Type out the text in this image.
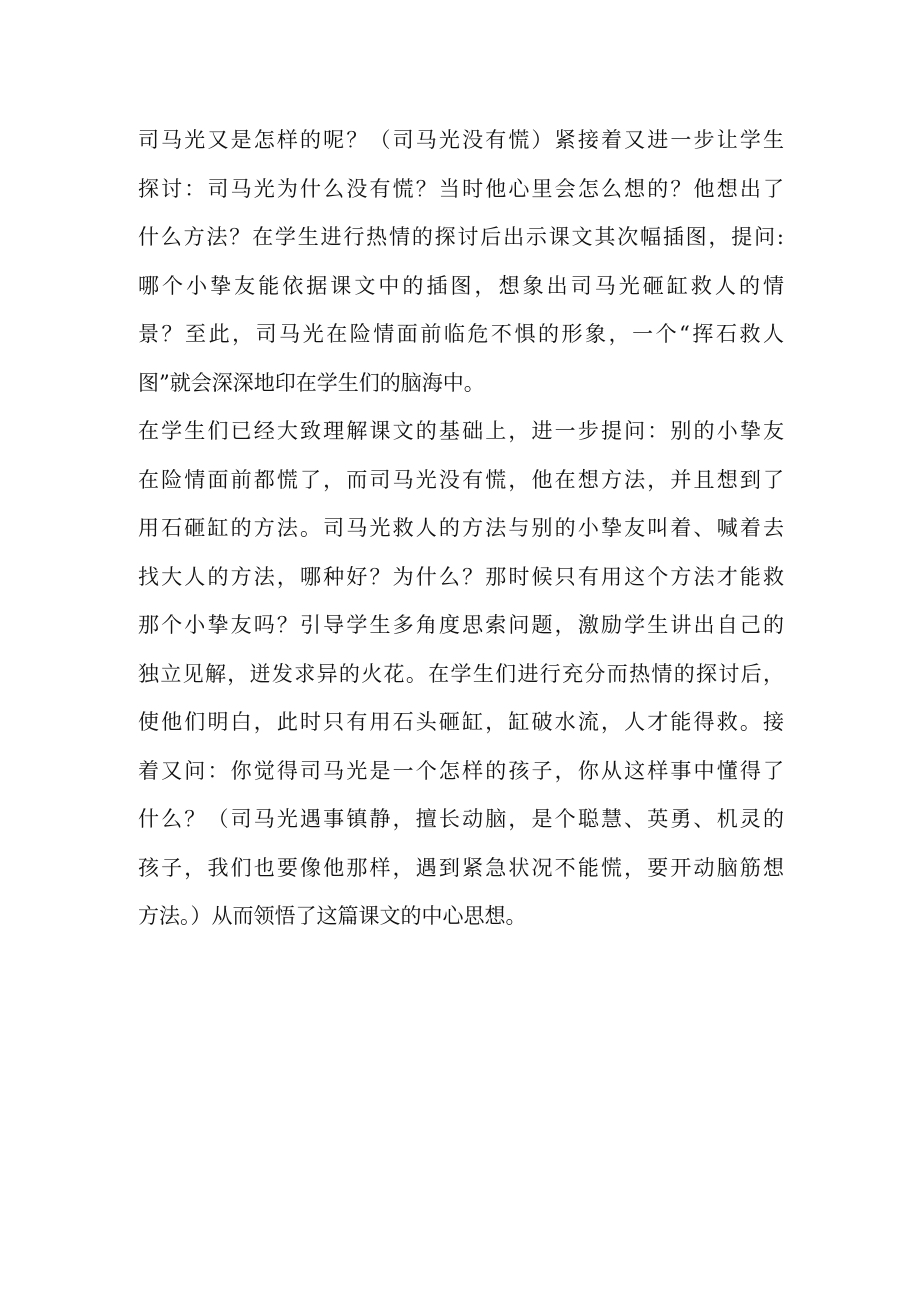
司马光又是怎样的呢？（司马光没有慌）紧接着又进一步让学生
探讨：司马光为什么没有慌？当时他心里会怎么想的？他想出了
什么方法？在学生进行热情的探讨后出示课文其次幅插图，提问:
哪个小挚友能依据课文中的插图，想象出司马光砸缸救人的情
景？至此，司马光在险情面前临危不惧的形象，一个“挥石救人
图”就会深深地印在学生们的脑海中。
在学生们已经大致理解课文的基础上，进一步提问：别的小挚友
在险情面前都慌了，而司马光没有慌，他在想方法，并且想到了
用石砸缸的方法。司马光救人的方法与别的小挚友叫着、喊着去
找大人的方法，哪种好？为什么？那时候只有用这个方法才能救
那个小挚友吗？引导学生多角度思索问题，激励学生讲出自己的
独立见解，迸发求异的火花。在学生们进行充分而热情的探讨后，
使他们明白，此时只有用石头砸缸，缸破水流，人才能得救。接
着又问：你觉得司马光是一个怎样的孩子，你从这样事中懂得了
什么？（司马光遇事镇静，擅长动脑，是个聪慧、英勇、机灵的
孩子，我们也要像他那样，遇到紧急状况不能慌，要开动脑筋想
方法。）从而领悟了这篇课文的中心思想。
